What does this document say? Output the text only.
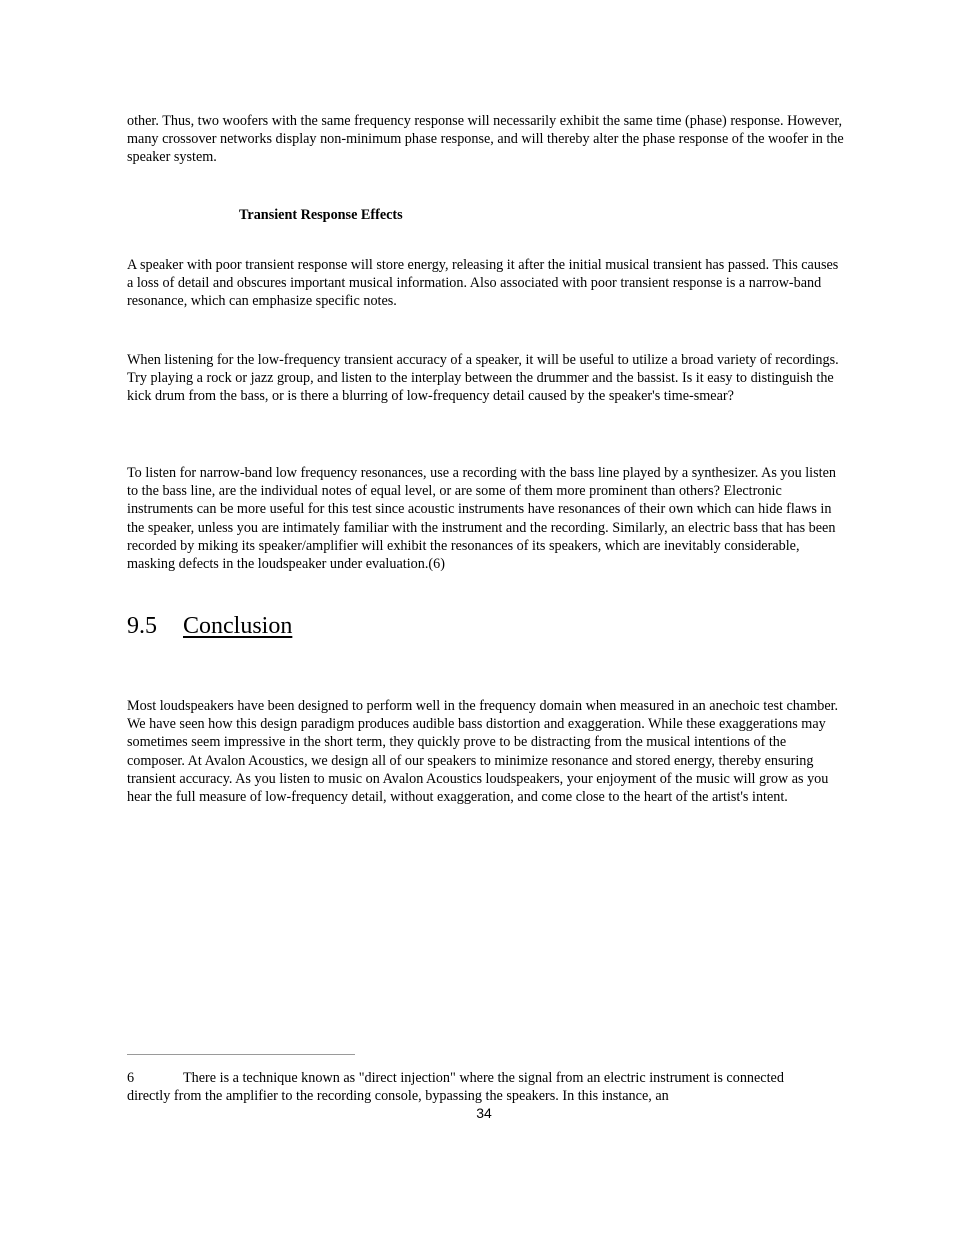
other. Thus, two woofers with the same frequency response will necessarily exhibit the same time (phase) response. However, many crossover networks display non-minimum phase response, and will thereby alter the phase response of the woofer in the speaker system.

Transient Response Effects

A speaker with poor transient response will store energy, releasing it after the initial musical transient has passed. This causes a loss of detail and obscures important musical information. Also associated with poor transient response is a narrow-band resonance, which can emphasize specific notes.

When listening for the low-frequency transient accuracy of a speaker, it will be useful to utilize a broad variety of recordings. Try playing a rock or jazz group, and listen to the interplay between the drummer and the bassist. Is it easy to distinguish the kick drum from the bass, or is there a blurring of low-frequency detail caused by the speaker's time-smear?

To listen for narrow-band low frequency resonances, use a recording with the bass line played by a synthesizer. As you listen to the bass line, are the individual notes of equal level, or are some of them more prominent than others? Electronic instruments can be more useful for this test since acoustic instruments have resonances of their own which can hide flaws in the speaker, unless you are intimately familiar with the instrument and the recording. Similarly, an electric bass that has been recorded by miking its speaker/amplifier will exhibit the resonances of its speakers, which are inevitably considerable, masking defects in the loudspeaker under evaluation.(6)

9.5 Conclusion

Most loudspeakers have been designed to perform well in the frequency domain when measured in an anechoic test chamber. We have seen how this design paradigm produces audible bass distortion and exaggeration. While these exaggerations may sometimes seem impressive in the short term, they quickly prove to be distracting from the musical intentions of the composer. At Avalon Acoustics, we design all of our speakers to minimize resonance and stored energy, thereby ensuring transient accuracy. As you listen to music on Avalon Acoustics loudspeakers, your enjoyment of the music will grow as you hear the full measure of low-frequency detail, without exaggeration, and come close to the heart of the artist's intent.

6	There is a technique known as "direct injection" where the signal from an electric instrument is connected directly from the amplifier to the recording console, bypassing the speakers. In this instance, an

34
